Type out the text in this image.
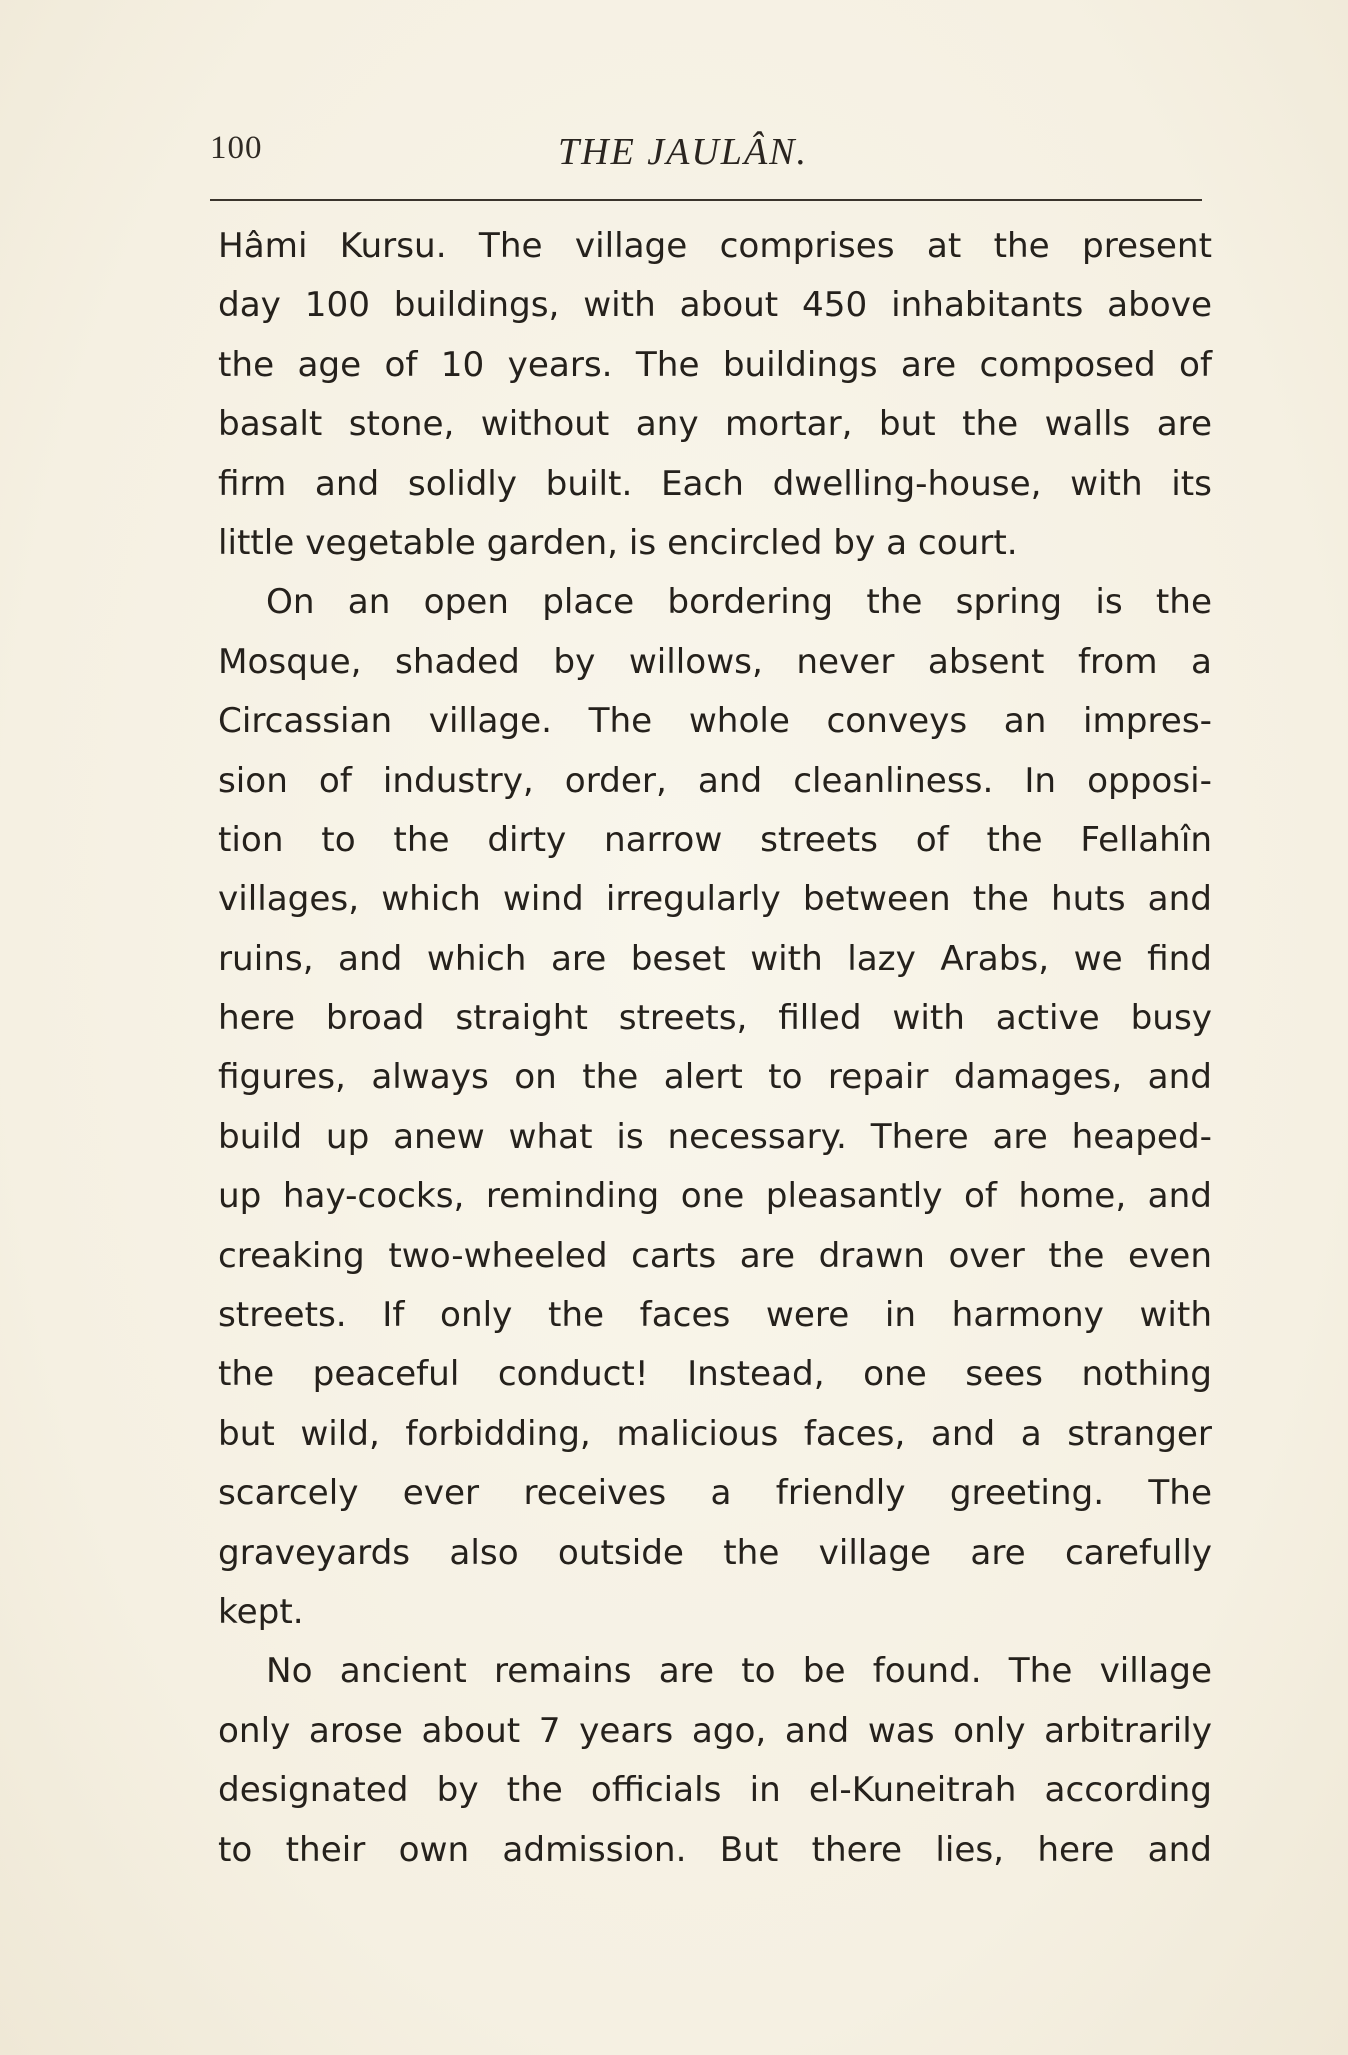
100	THE JAULÂN.
Hâmi Kursu. The village comprises at the present
day 100 buildings, with about 450 inhabitants above
the age of 10 years. The buildings are composed of
basalt stone, without any mortar, but the walls are
firm and solidly built. Each dwelling-house, with its
little vegetable garden, is encircled by a court.
On an open place bordering the spring is the
Mosque, shaded by willows, never absent from a
Circassian village. The whole conveys an impres-
sion of industry, order, and cleanliness. In opposi-
tion to the dirty narrow streets of the Fellahîn
villages, which wind irregularly between the huts and
ruins, and which are beset with lazy Arabs, we find
here broad straight streets, filled with active busy
figures, always on the alert to repair damages, and
build up anew what is necessary. There are heaped-
up hay-cocks, reminding one pleasantly of home, and
creaking two-wheeled carts are drawn over the even
streets. If only the faces were in harmony with
the peaceful conduct! Instead, one sees nothing
but wild, forbidding, malicious faces, and a stranger
scarcely ever receives a friendly greeting. The
graveyards also outside the village are carefully
kept.
No ancient remains are to be found. The village
only arose about 7 years ago, and was only arbitrarily
designated by the officials in el-Kuneitrah according
to their own admission. But there lies, here and
